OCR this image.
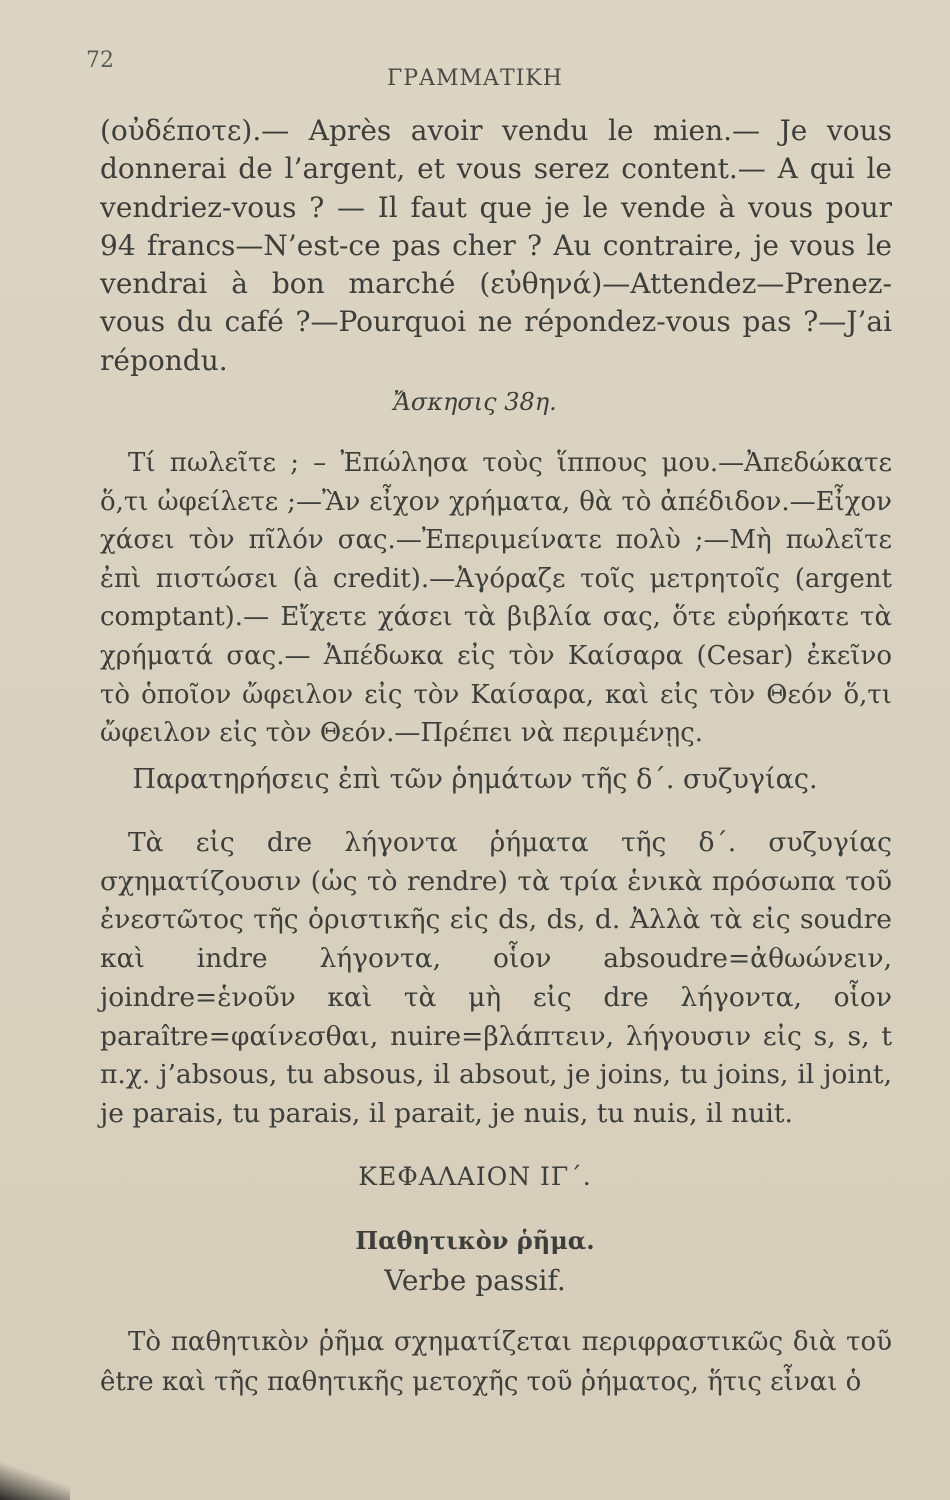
72
ΓΡΑΜΜΑΤΙΚΗ

(οὐδέποτε).— Après avoir vendu le mien.— Je vous donnerai de l’argent, et vous serez content.— A qui le vendriez-vous ? — Il faut que je le vende à vous pour 94 francs—N’est-ce pas cher ? Au contraire, je vous le vendrai à bon marché (εὐθηνά)—Attendez—Prenez-vous du café ?—Pourquoi ne répondez-vous pas ?—J’ai répondu.

Ἄσκησις 38η.

Τί πωλεῖτε ; – Ἐπώλησα τοὺς ἵππους μου.—Ἀπεδώκατε ὅ,τι ὠφείλετε ;—Ἂν εἶχον χρήματα, θὰ τὸ ἀπέδιδον.—Εἶχον χάσει τὸν πῖλόν σας.—Ἐπεριμείνατε πολὺ ;—Μὴ πωλεῖτε ἐπὶ πιστώσει (à credit).—Ἀγόραζε τοῖς μετρητοῖς (argent comptant).— Εἴχετε χάσει τὰ βιβλία σας, ὅτε εὑρήκατε τὰ χρήματά σας.— Ἀπέδωκα εἰς τὸν Καίσαρα (Cesar) ἐκεῖνο τὸ ὁποῖον ὤφειλον εἰς τὸν Καίσαρα, καὶ εἰς τὸν Θεόν ὅ,τι ὤφειλον εἰς τὸν Θεόν.—Πρέπει νὰ περιμένῃς.

Παρατηρήσεις ἐπὶ τῶν ῥημάτων τῆς δ΄. συζυγίας.

Τὰ εἰς dre λήγοντα ῥήματα τῆς δ΄. συζυγίας σχηματίζουσιν (ὡς τὸ rendre) τὰ τρία ἑνικὰ πρόσωπα τοῦ ἐνεστῶτος τῆς ὁριστικῆς εἰς ds, ds, d. Ἀλλὰ τὰ εἰς soudre καὶ indre λήγοντα, οἷον absoudre=ἀθωώνειν, joindre=ἑνοῦν καὶ τὰ μὴ εἰς dre λήγοντα, οἷον paraître=φαίνεσθαι, nuire=βλάπτειν, λήγουσιν εἰς s, s, t π.χ. j’absous, tu absous, il absout, je joins, tu joins, il joint, je parais, tu parais, il parait, je nuis, tu nuis, il nuit.

ΚΕΦΑΛΑΙΟΝ ΙΓ΄.
Παθητικὸν ῥῆμα.
Verbe passif.

Τὸ παθητικὸν ῥῆμα σχηματίζεται περιφραστικῶς διὰ τοῦ être καὶ τῆς παθητικῆς μετοχῆς τοῦ ῥήματος, ἥτις εἶναι ὁ
